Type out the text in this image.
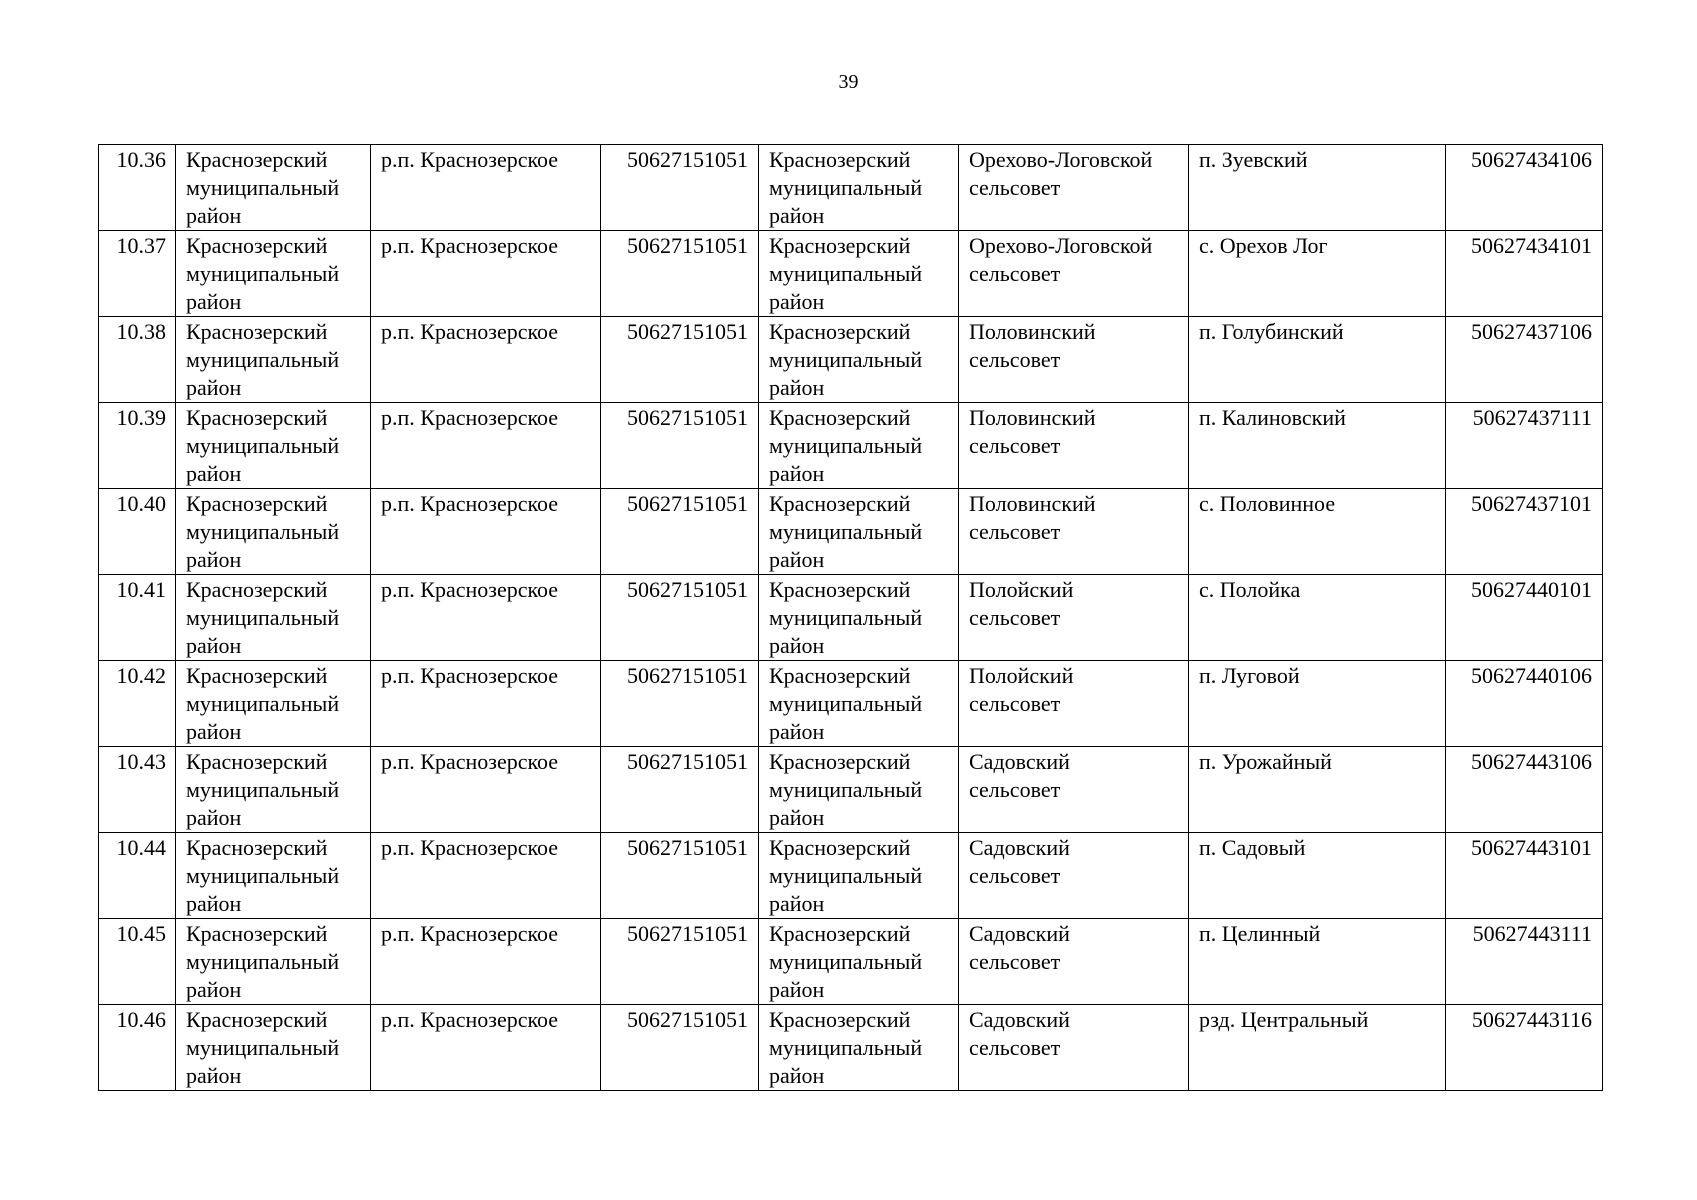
39
10.36	Краснозерский
муниципальный
район	р.п. Краснозерское	50627151051	Краснозерский
муниципальный
район	Орехово-Логовской
сельсовет	п. Зуевский	50627434106
10.37	Краснозерский
муниципальный
район	р.п. Краснозерское	50627151051	Краснозерский
муниципальный
район	Орехово-Логовской
сельсовет	с. Орехов Лог	50627434101
10.38	Краснозерский
муниципальный
район	р.п. Краснозерское	50627151051	Краснозерский
муниципальный
район	Половинский
сельсовет	п. Голубинский	50627437106
10.39	Краснозерский
муниципальный
район	р.п. Краснозерское	50627151051	Краснозерский
муниципальный
район	Половинский
сельсовет	п. Калиновский	50627437111
10.40	Краснозерский
муниципальный
район	р.п. Краснозерское	50627151051	Краснозерский
муниципальный
район	Половинский
сельсовет	с. Половинное	50627437101
10.41	Краснозерский
муниципальный
район	р.п. Краснозерское	50627151051	Краснозерский
муниципальный
район	Полойский
сельсовет	с. Полойка	50627440101
10.42	Краснозерский
муниципальный
район	р.п. Краснозерское	50627151051	Краснозерский
муниципальный
район	Полойский
сельсовет	п. Луговой	50627440106
10.43	Краснозерский
муниципальный
район	р.п. Краснозерское	50627151051	Краснозерский
муниципальный
район	Садовский
сельсовет	п. Урожайный	50627443106
10.44	Краснозерский
муниципальный
район	р.п. Краснозерское	50627151051	Краснозерский
муниципальный
район	Садовский
сельсовет	п. Садовый	50627443101
10.45	Краснозерский
муниципальный
район	р.п. Краснозерское	50627151051	Краснозерский
муниципальный
район	Садовский
сельсовет	п. Целинный	50627443111
10.46	Краснозерский
муниципальный
район	р.п. Краснозерское	50627151051	Краснозерский
муниципальный
район	Садовский
сельсовет	рзд. Центральный	50627443116
